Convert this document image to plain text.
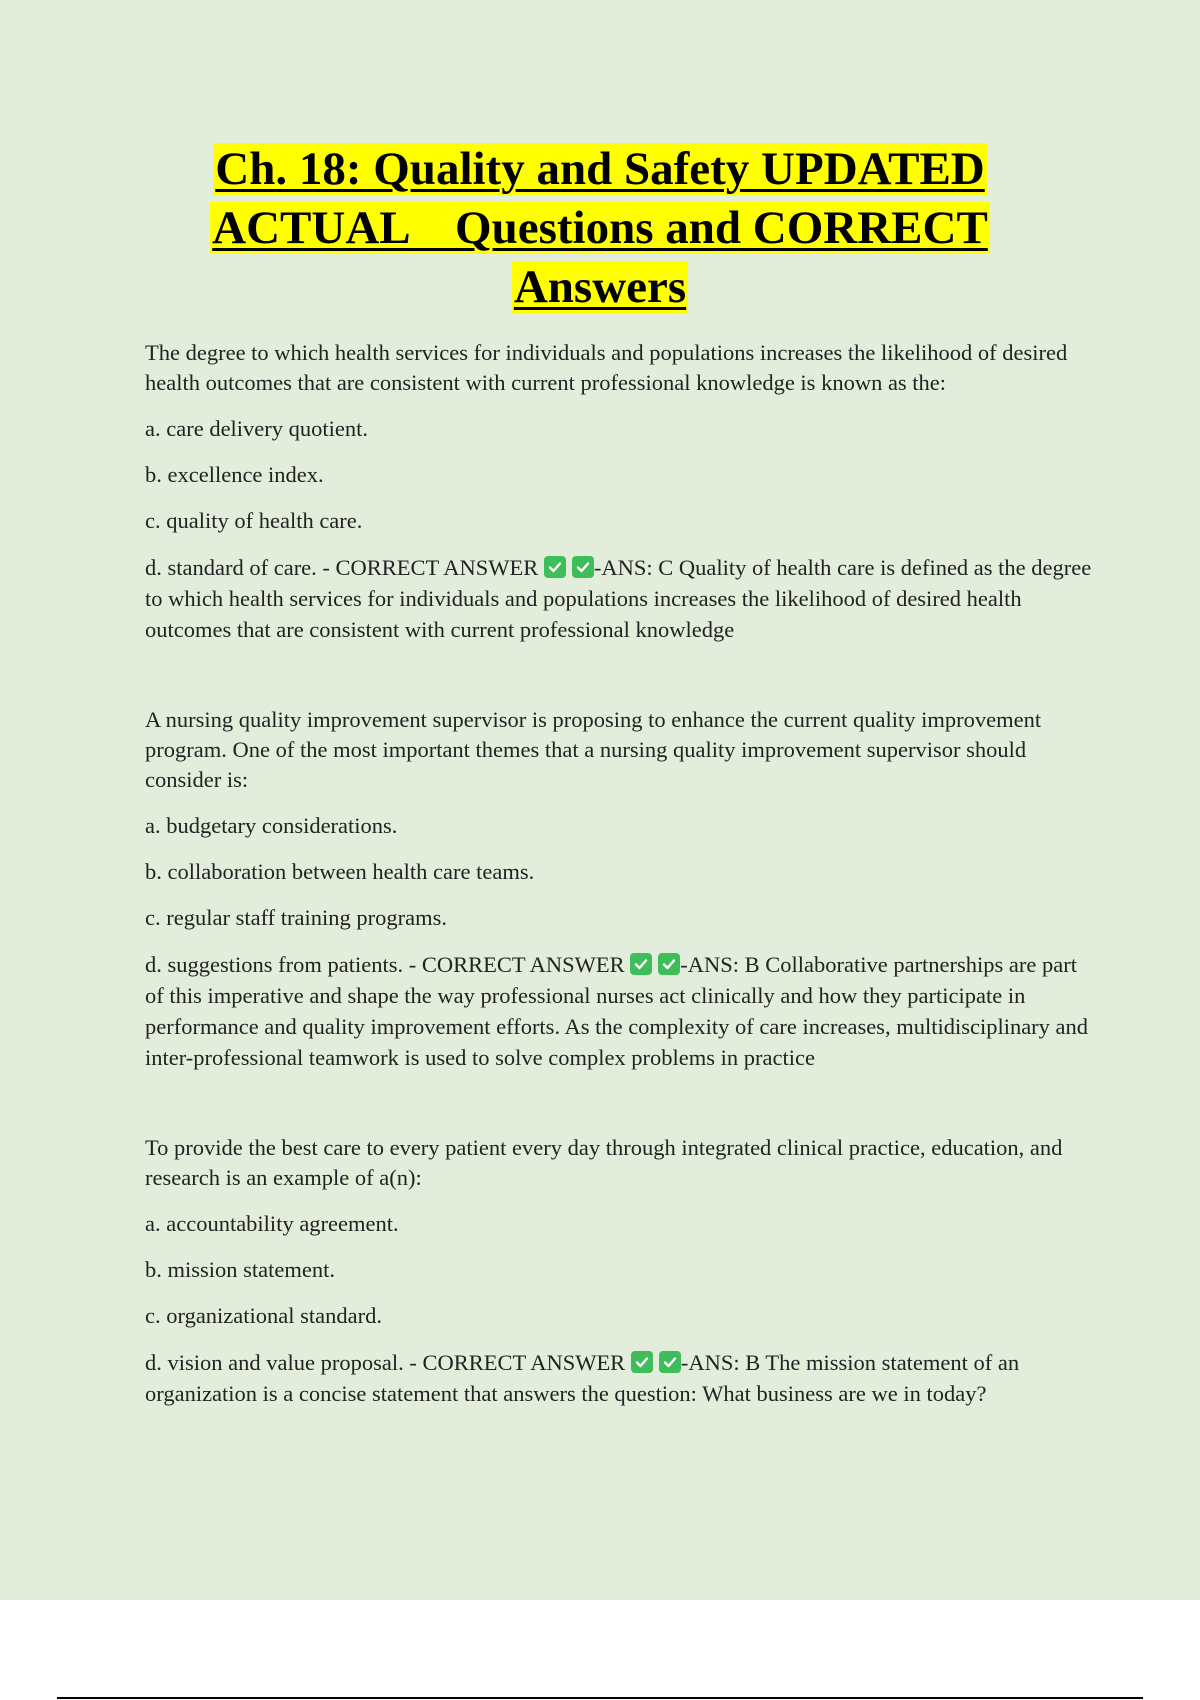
Ch. 18: Quality and Safety UPDATED
ACTUAL    Questions and CORRECT
Answers

The degree to which health services for individuals and populations increases the likelihood of desired health outcomes that are consistent with current professional knowledge is known as the:

a. care delivery quotient.

b. excellence index.

c. quality of health care.

d. standard of care. - CORRECT ANSWER -ANS: C Quality of health care is defined as the degree to which health services for individuals and populations increases the likelihood of desired health outcomes that are consistent with current professional knowledge

A nursing quality improvement supervisor is proposing to enhance the current quality improvement program. One of the most important themes that a nursing quality improvement supervisor should consider is:

a. budgetary considerations.

b. collaboration between health care teams.

c. regular staff training programs.

d. suggestions from patients. - CORRECT ANSWER -ANS: B Collaborative partnerships are part of this imperative and shape the way professional nurses act clinically and how they participate in performance and quality improvement efforts. As the complexity of care increases, multidisciplinary and inter-professional teamwork is used to solve complex problems in practice

To provide the best care to every patient every day through integrated clinical practice, education, and research is an example of a(n):

a. accountability agreement.

b. mission statement.

c. organizational standard.

d. vision and value proposal. - CORRECT ANSWER -ANS: B The mission statement of an organization is a concise statement that answers the question: What business are we in today?
